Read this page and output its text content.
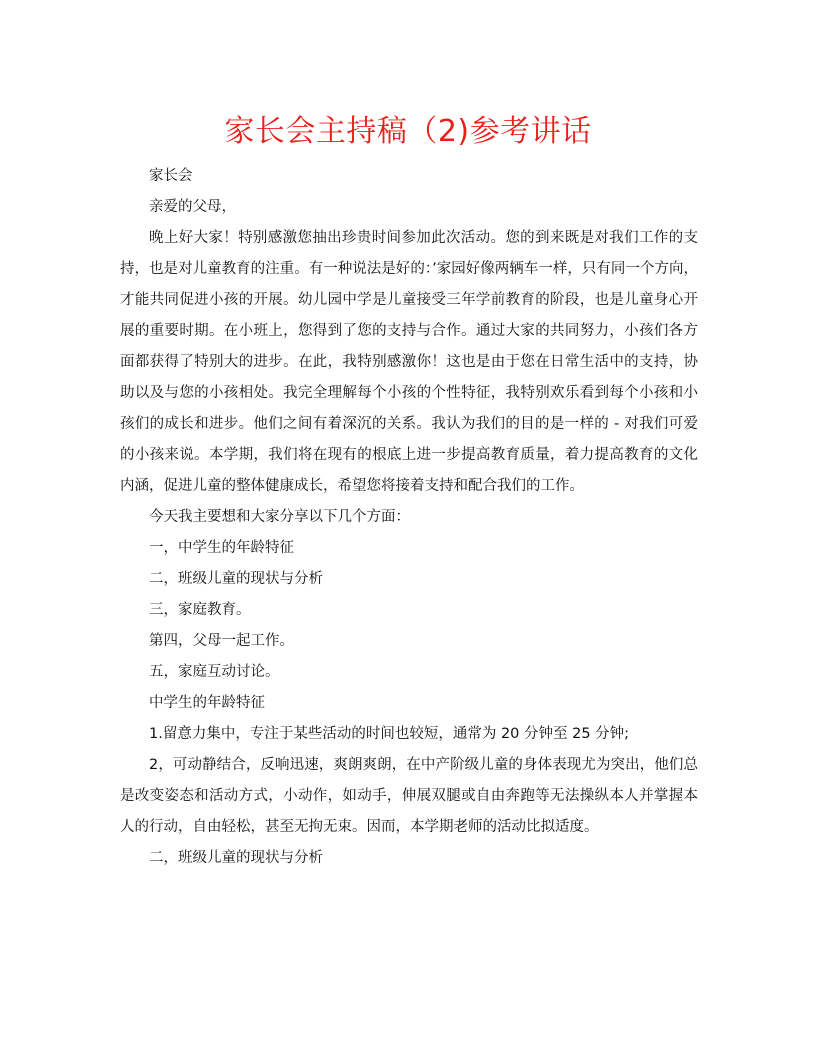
家长会主持稿（2)参考讲话

家长会

亲爱的父母，

晚上好大家！特别感激您抽出珍贵时间参加此次活动。您的到来既是对我们工作的支持，也是对儿童教育的注重。有一种说法是好的：’家园好像两辆车一样，只有同一个方向，才能共同促进小孩的开展。幼儿园中学是儿童接受三年学前教育的阶段，也是儿童身心开展的重要时期。在小班上，您得到了您的支持与合作。通过大家的共同努力，小孩们各方面都获得了特别大的进步。在此，我特别感激你！这也是由于您在日常生活中的支持，协助以及与您的小孩相处。我完全理解每个小孩的个性特征，我特别欢乐看到每个小孩和小孩们的成长和进步。他们之间有着深沉的关系。我认为我们的目的是一样的 - 对我们可爱的小孩来说。本学期，我们将在现有的根底上进一步提高教育质量，着力提高教育的文化内涵，促进儿童的整体健康成长，希望您将接着支持和配合我们的工作。

今天我主要想和大家分享以下几个方面：

一，中学生的年龄特征

二，班级儿童的现状与分析

三，家庭教育。

第四，父母一起工作。

五，家庭互动讨论。

中学生的年龄特征

1.留意力集中，专注于某些活动的时间也较短，通常为 20 分钟至 25 分钟;

2，可动静结合，反响迅速，爽朗爽朗，在中产阶级儿童的身体表现尤为突出，他们总是改变姿态和活动方式，小动作，如动手，伸展双腿或自由奔跑等无法操纵本人并掌握本人的行动，自由轻松，甚至无拘无束。因而，本学期老师的活动比拟适度。

二，班级儿童的现状与分析
